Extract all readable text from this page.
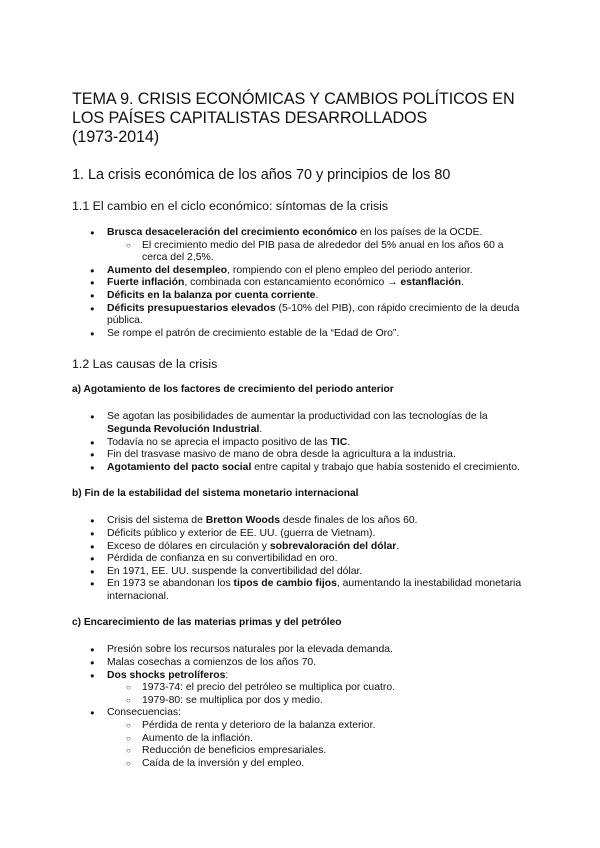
TEMA 9. CRISIS ECONÓMICAS Y CAMBIOS POLÍTICOS EN
LOS PAÍSES CAPITALISTAS DESARROLLADOS
(1973-2014)
1. La crisis económica de los años 70 y principios de los 80
1.1 El cambio en el ciclo económico: síntomas de la crisis
● Brusca desaceleración del crecimiento económico en los países de la OCDE.
○ El crecimiento medio del PIB pasa de alrededor del 5% anual en los años 60 a cerca del 2,5%.
● Aumento del desempleo, rompiendo con el pleno empleo del periodo anterior.
● Fuerte inflación, combinada con estancamiento económico → estanflación.
● Déficits en la balanza por cuenta corriente.
● Déficits presupuestarios elevados (5-10% del PIB), con rápido crecimiento de la deuda pública.
● Se rompe el patrón de crecimiento estable de la “Edad de Oro”.
1.2 Las causas de la crisis
a) Agotamiento de los factores de crecimiento del periodo anterior
● Se agotan las posibilidades de aumentar la productividad con las tecnologías de la Segunda Revolución Industrial.
● Todavía no se aprecia el impacto positivo de las TIC.
● Fin del trasvase masivo de mano de obra desde la agricultura a la industria.
● Agotamiento del pacto social entre capital y trabajo que había sostenido el crecimiento.
b) Fin de la estabilidad del sistema monetario internacional
● Crisis del sistema de Bretton Woods desde finales de los años 60.
● Déficits público y exterior de EE. UU. (guerra de Vietnam).
● Exceso de dólares en circulación y sobrevaloración del dólar.
● Pérdida de confianza en su convertibilidad en oro.
● En 1971, EE. UU. suspende la convertibilidad del dólar.
● En 1973 se abandonan los tipos de cambio fijos, aumentando la inestabilidad monetaria internacional.
c) Encarecimiento de las materias primas y del petróleo
● Presión sobre los recursos naturales por la elevada demanda.
● Malas cosechas a comienzos de los años 70.
● Dos shocks petrolíferos:
○ 1973-74: el precio del petróleo se multiplica por cuatro.
○ 1979-80: se multiplica por dos y medio.
● Consecuencias:
○ Pérdida de renta y deterioro de la balanza exterior.
○ Aumento de la inflación.
○ Reducción de beneficios empresariales.
○ Caída de la inversión y del empleo.
